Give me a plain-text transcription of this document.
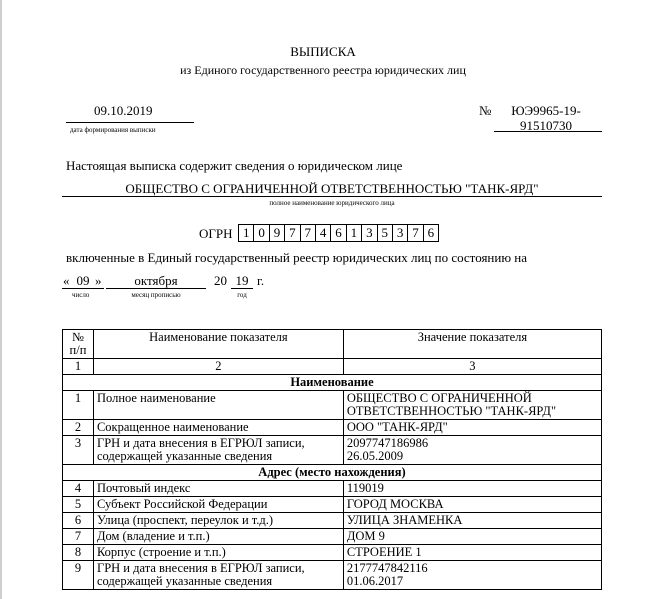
ВЫПИСКА
из Единого государственного реестра юридических лиц
09.10.2019
дата формирования выписки
№	ЮЭ9965-19-
91510730
Настоящая выписка содержит сведения о юридическом лице
ОБЩЕСТВО С ОГРАНИЧЕННОЙ ОТВЕТСТВЕННОСТЬЮ "ТАНК-ЯРД"
полное наименование юридического лица
ОГРН 1 0 9 7 7 4 6 1 3 5 3 7 6
включенные в Единый государственный реестр юридических лиц по состоянию на
« 09 »
число
октября
месяц прописью
20 19 г.
год
№ п/п	Наименование показателя	Значение показателя
1	2	3
Наименование		
1	Полное наименование	ОБЩЕСТВО С ОГРАНИЧЕННОЙ ОТВЕТСТВЕННОСТЬЮ "ТАНК-ЯРД"

2	Сокращенное наименование	ООО "ТАНК-ЯРД"

3	ГРН и дата внесения в ЕГРЮЛ записи, содержащей указанные сведения	2097747186986
26.05.2009

Адрес (место нахождения)		
4	Почтовый индекс	119019

5	Субъект Российской Федерации	ГОРОД МОСКВА

6	Улица (проспект, переулок и т.д.)	УЛИЦА ЗНАМЕНКА

7	Дом (владение и т.п.)	ДОМ 9

8	Корпус (строение и т.п.)	СТРОЕНИЕ 1

9	ГРН и дата внесения в ЕГРЮЛ записи, содержащей указанные сведения	2177747842116
01.06.2017
